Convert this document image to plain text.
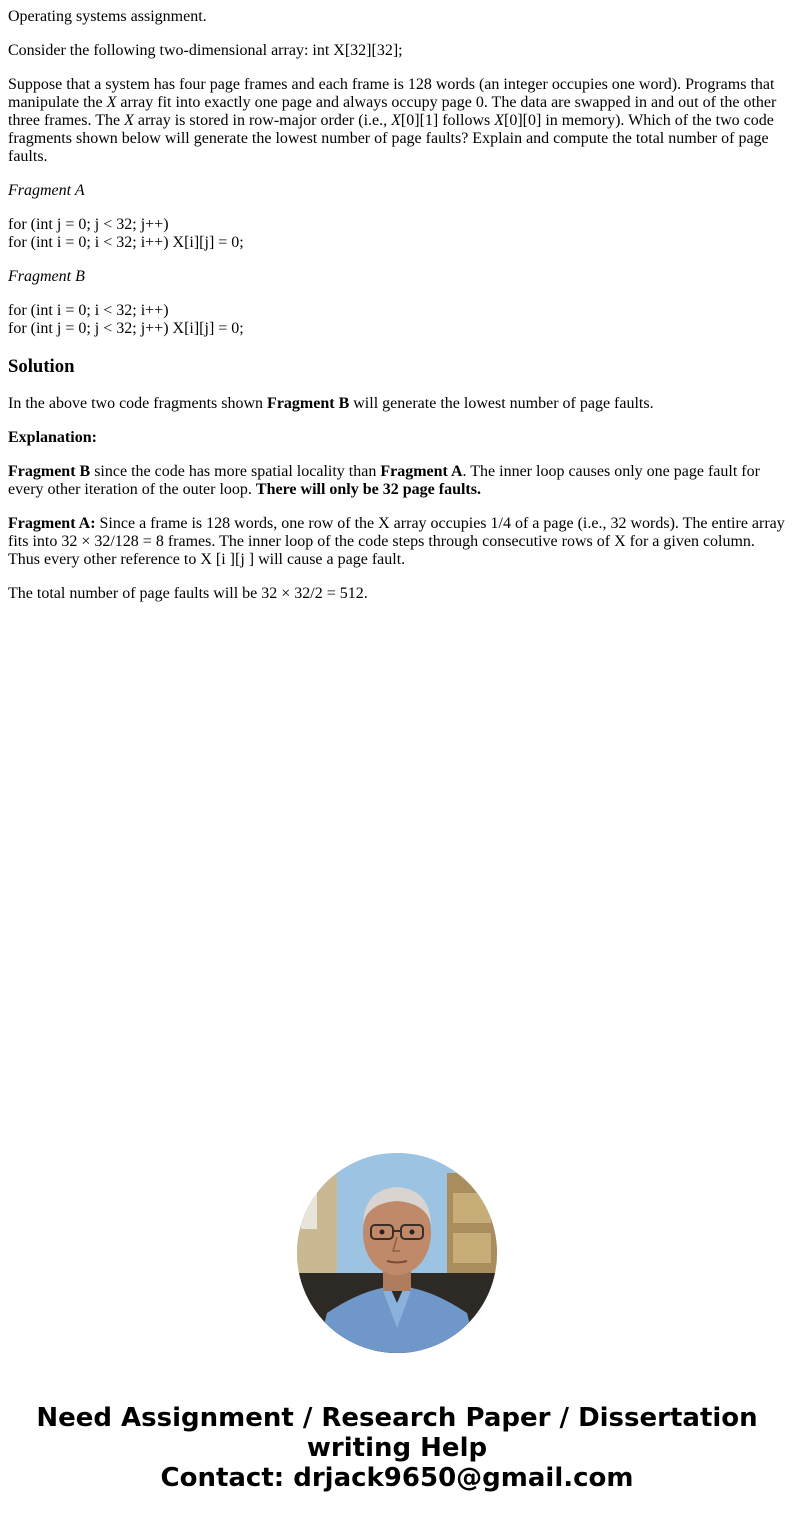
Operating systems assignment.

Consider the following two-dimensional array: int X[32][32];

Suppose that a system has four page frames and each frame is 128 words (an integer occupies one word). Programs that manipulate the X array fit into exactly one page and always occupy page 0. The data are swapped in and out of the other three frames. The X array is stored in row-major order (i.e., X[0][1] follows X[0][0] in memory). Which of the two code fragments shown below will generate the lowest number of page faults? Explain and compute the total number of page faults.

Fragment A

for (int j = 0; j < 32; j++)
for (int i = 0; i < 32; i++) X[i][j] = 0;

Fragment B

for (int i = 0; i < 32; i++)
for (int j = 0; j < 32; j++) X[i][j] = 0;

Solution

In the above two code fragments shown Fragment B will generate the lowest number of page faults.

Explanation:

Fragment B since the code has more spatial locality than Fragment A. The inner loop causes only one page fault for every other iteration of the outer loop. There will only be 32 page faults.

Fragment A: Since a frame is 128 words, one row of the X array occupies 1/4 of a page (i.e., 32 words). The entire array fits into 32 × 32/128 = 8 frames. The inner loop of the code steps through consecutive rows of X for a given column. Thus every other reference to X [i ][j ] will cause a page fault.

The total number of page faults will be 32 × 32/2 = 512.

Need Assignment / Research Paper / Dissertation
writing Help
Contact: drjack9650@gmail.com
